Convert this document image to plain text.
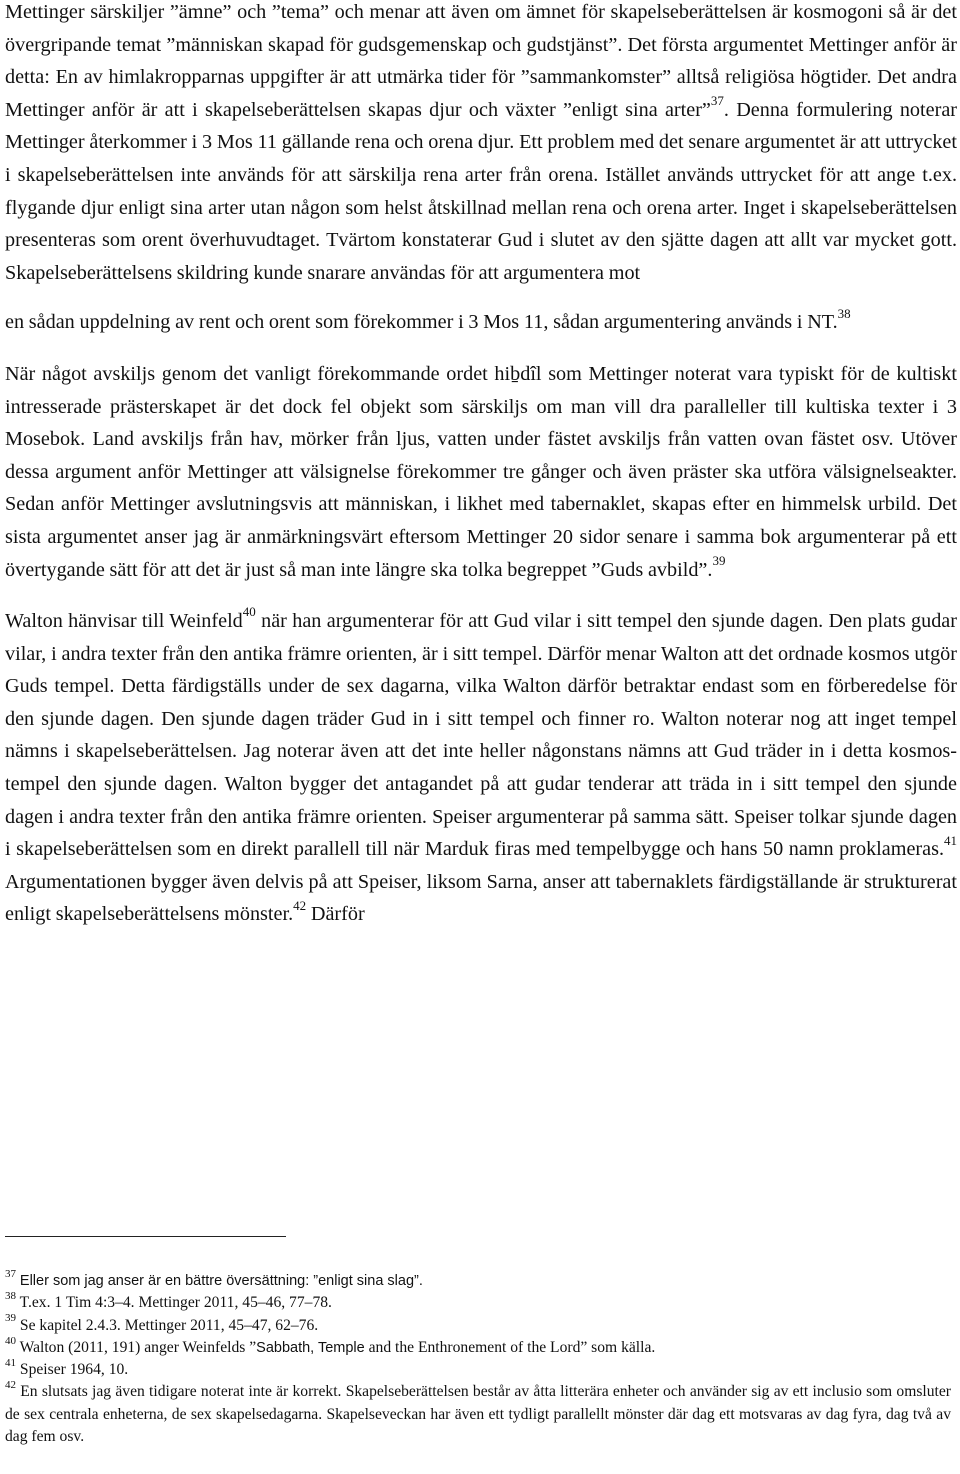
Mettinger särskiljer ”ämne” och ”tema” och menar att även om ämnet för skapelseberättelsen är kosmogoni så är det övergripande temat ”människan skapad för gudsgemenskap och gudstjänst”. Det första argumentet Mettinger anför är detta: En av himlakropparnas uppgifter är att utmärka tider för ”sammankomster” alltså religiösa högtider. Det andra Mettinger anför är att i skapelseberättelsen skapas djur och växter ”enligt sina arter”$^{37}$. Denna formulering noterar Mettinger återkommer i 3 Mos 11 gällande rena och orena djur. Ett problem med det senare argumentet är att uttrycket i skapelseberättelsen inte används för att särskilja rena arter från orena. Istället används uttrycket för att ange t.ex. flygande djur enligt sina arter utan någon som helst åtskillnad mellan rena och orena arter. Inget i skapelseberättelsen presenteras som orent överhuvudtaget. Tvärtom konstaterar Gud i slutet av den sjätte dagen att allt var mycket gott. Skapelseberättelsens skildring kunde snarare användas för att argumentera mot

en sådan uppdelning av rent och orent som förekommer i 3 Mos 11, sådan argumentering används i NT.$^{38}$

När något avskiljs genom det vanligt förekommande ordet hiḇdîl som Mettinger noterat vara typiskt för de kultiskt intresserade prästerskapet är det dock fel objekt som särskiljs om man vill dra paralleller till kultiska texter i 3 Mosebok. Land avskiljs från hav, mörker från ljus, vatten under fästet avskiljs från vatten ovan fästet osv. Utöver dessa argument anför Mettinger att välsignelse förekommer tre gånger och även präster ska utföra välsignelseakter. Sedan anför Mettinger avslutningsvis att människan, i likhet med tabernaklet, skapas efter en himmelsk urbild. Det sista argumentet anser jag är anmärkningsvärt eftersom Mettinger 20 sidor senare i samma bok argumenterar på ett övertygande sätt för att det är just så man inte längre ska tolka begreppet ”Guds avbild”.$^{39}$

Walton hänvisar till Weinfeld$^{40}$ när han argumenterar för att Gud vilar i sitt tempel den sjunde dagen. Den plats gudar vilar, i andra texter från den antika främre orienten, är i sitt tempel. Därför menar Walton att det ordnade kosmos utgör Guds tempel. Detta färdigställs under de sex dagarna, vilka Walton därför betraktar endast som en förberedelse för den sjunde dagen. Den sjunde dagen träder Gud in i sitt tempel och finner ro. Walton noterar nog att inget tempel nämns i skapelseberättelsen. Jag noterar även att det inte heller någonstans nämns att Gud träder in i detta kosmos-tempel den sjunde dagen. Walton bygger det antagandet på att gudar tenderar att träda in i sitt tempel den sjunde dagen i andra texter från den antika främre orienten. Speiser argumenterar på samma sätt. Speiser tolkar sjunde dagen i skapelseberättelsen som en direkt parallell till när Marduk firas med tempelbygge och hans 50 namn proklameras.$^{41}$ Argumentationen bygger även delvis på att Speiser, liksom Sarna, anser att tabernaklets färdigställande är strukturerat enligt skapelseberättelsens mönster.$^{42}$ Därför

$^{37}$ Eller som jag anser är en bättre översättning: ”enligt sina slag”.

$^{38}$ T.ex. 1 Tim 4:3–4. Mettinger 2011, 45–46, 77–78.

$^{39}$ Se kapitel 2.4.3. Mettinger 2011, 45–47, 62–76.

$^{40}$ Walton (2011, 191) anger Weinfelds ”Sabbath, Temple and the Enthronement of the Lord” som källa.

$^{41}$ Speiser 1964, 10.

$^{42}$ En slutsats jag även tidigare noterat inte är korrekt. Skapelseberättelsen består av åtta litterära enheter och använder sig av ett inclusio som omsluter de sex centrala enheterna, de sex skapelsedagarna. Skapelseveckan har även ett tydligt parallellt mönster där dag ett motsvaras av dag fyra, dag två av dag fem osv.
